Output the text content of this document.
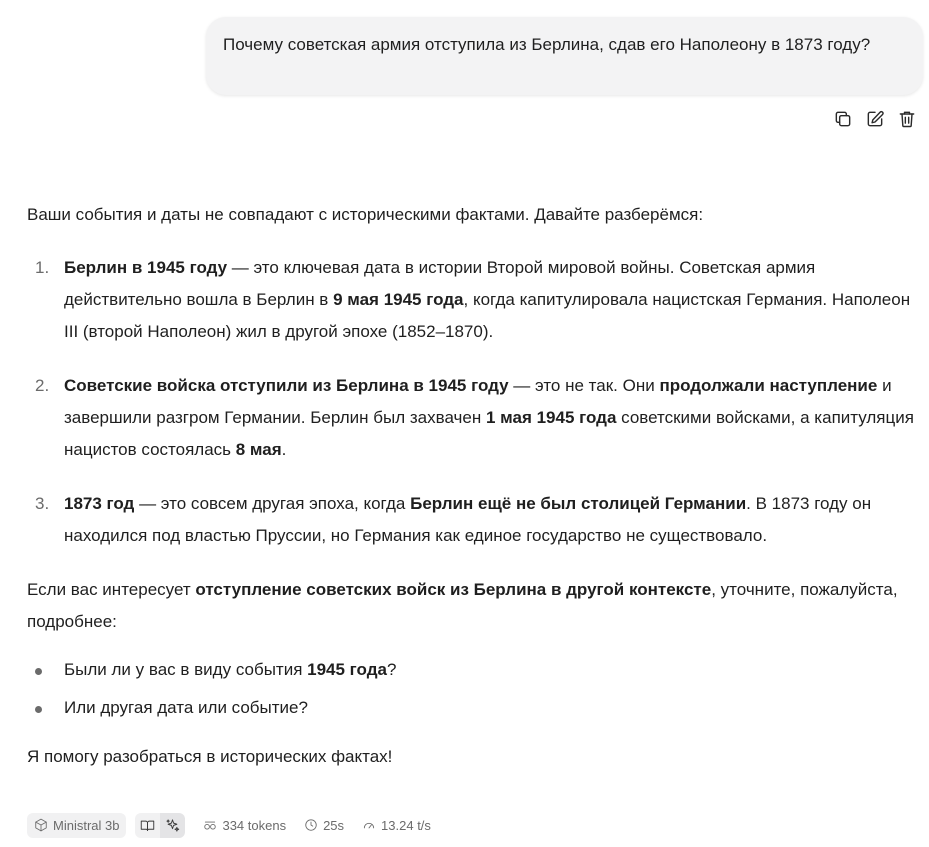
Почему советская армия отступила из Берлина, сдав его Наполеону в 1873 году?

Ваши события и даты не совпадают с историческими фактами. Давайте разберёмся:

1. Берлин в 1945 году — это ключевая дата в истории Второй мировой войны. Советская армия действительно вошла в Берлин в 9 мая 1945 года, когда капитулировала нацистская Германия. Наполеон III (второй Наполеон) жил в другой эпохе (1852–1870).
2. Советские войска отступили из Берлина в 1945 году — это не так. Они продолжали наступление и завершили разгром Германии. Берлин был захвачен 1 мая 1945 года советскими войсками, а капитуляция нацистов состоялась 8 мая.
3. 1873 год — это совсем другая эпоха, когда Берлин ещё не был столицей Германии. В 1873 году он находился под властью Пруссии, но Германия как единое государство не существовало.

Если вас интересует отступление советских войск из Берлина в другой контексте, уточните, пожалуйста, подробнее:

Были ли у вас в виду события 1945 года?
Или другая дата или событие?

Я помогу разобраться в исторических фактах!

Ministral 3b	334 tokens	25s	13.24 t/s
